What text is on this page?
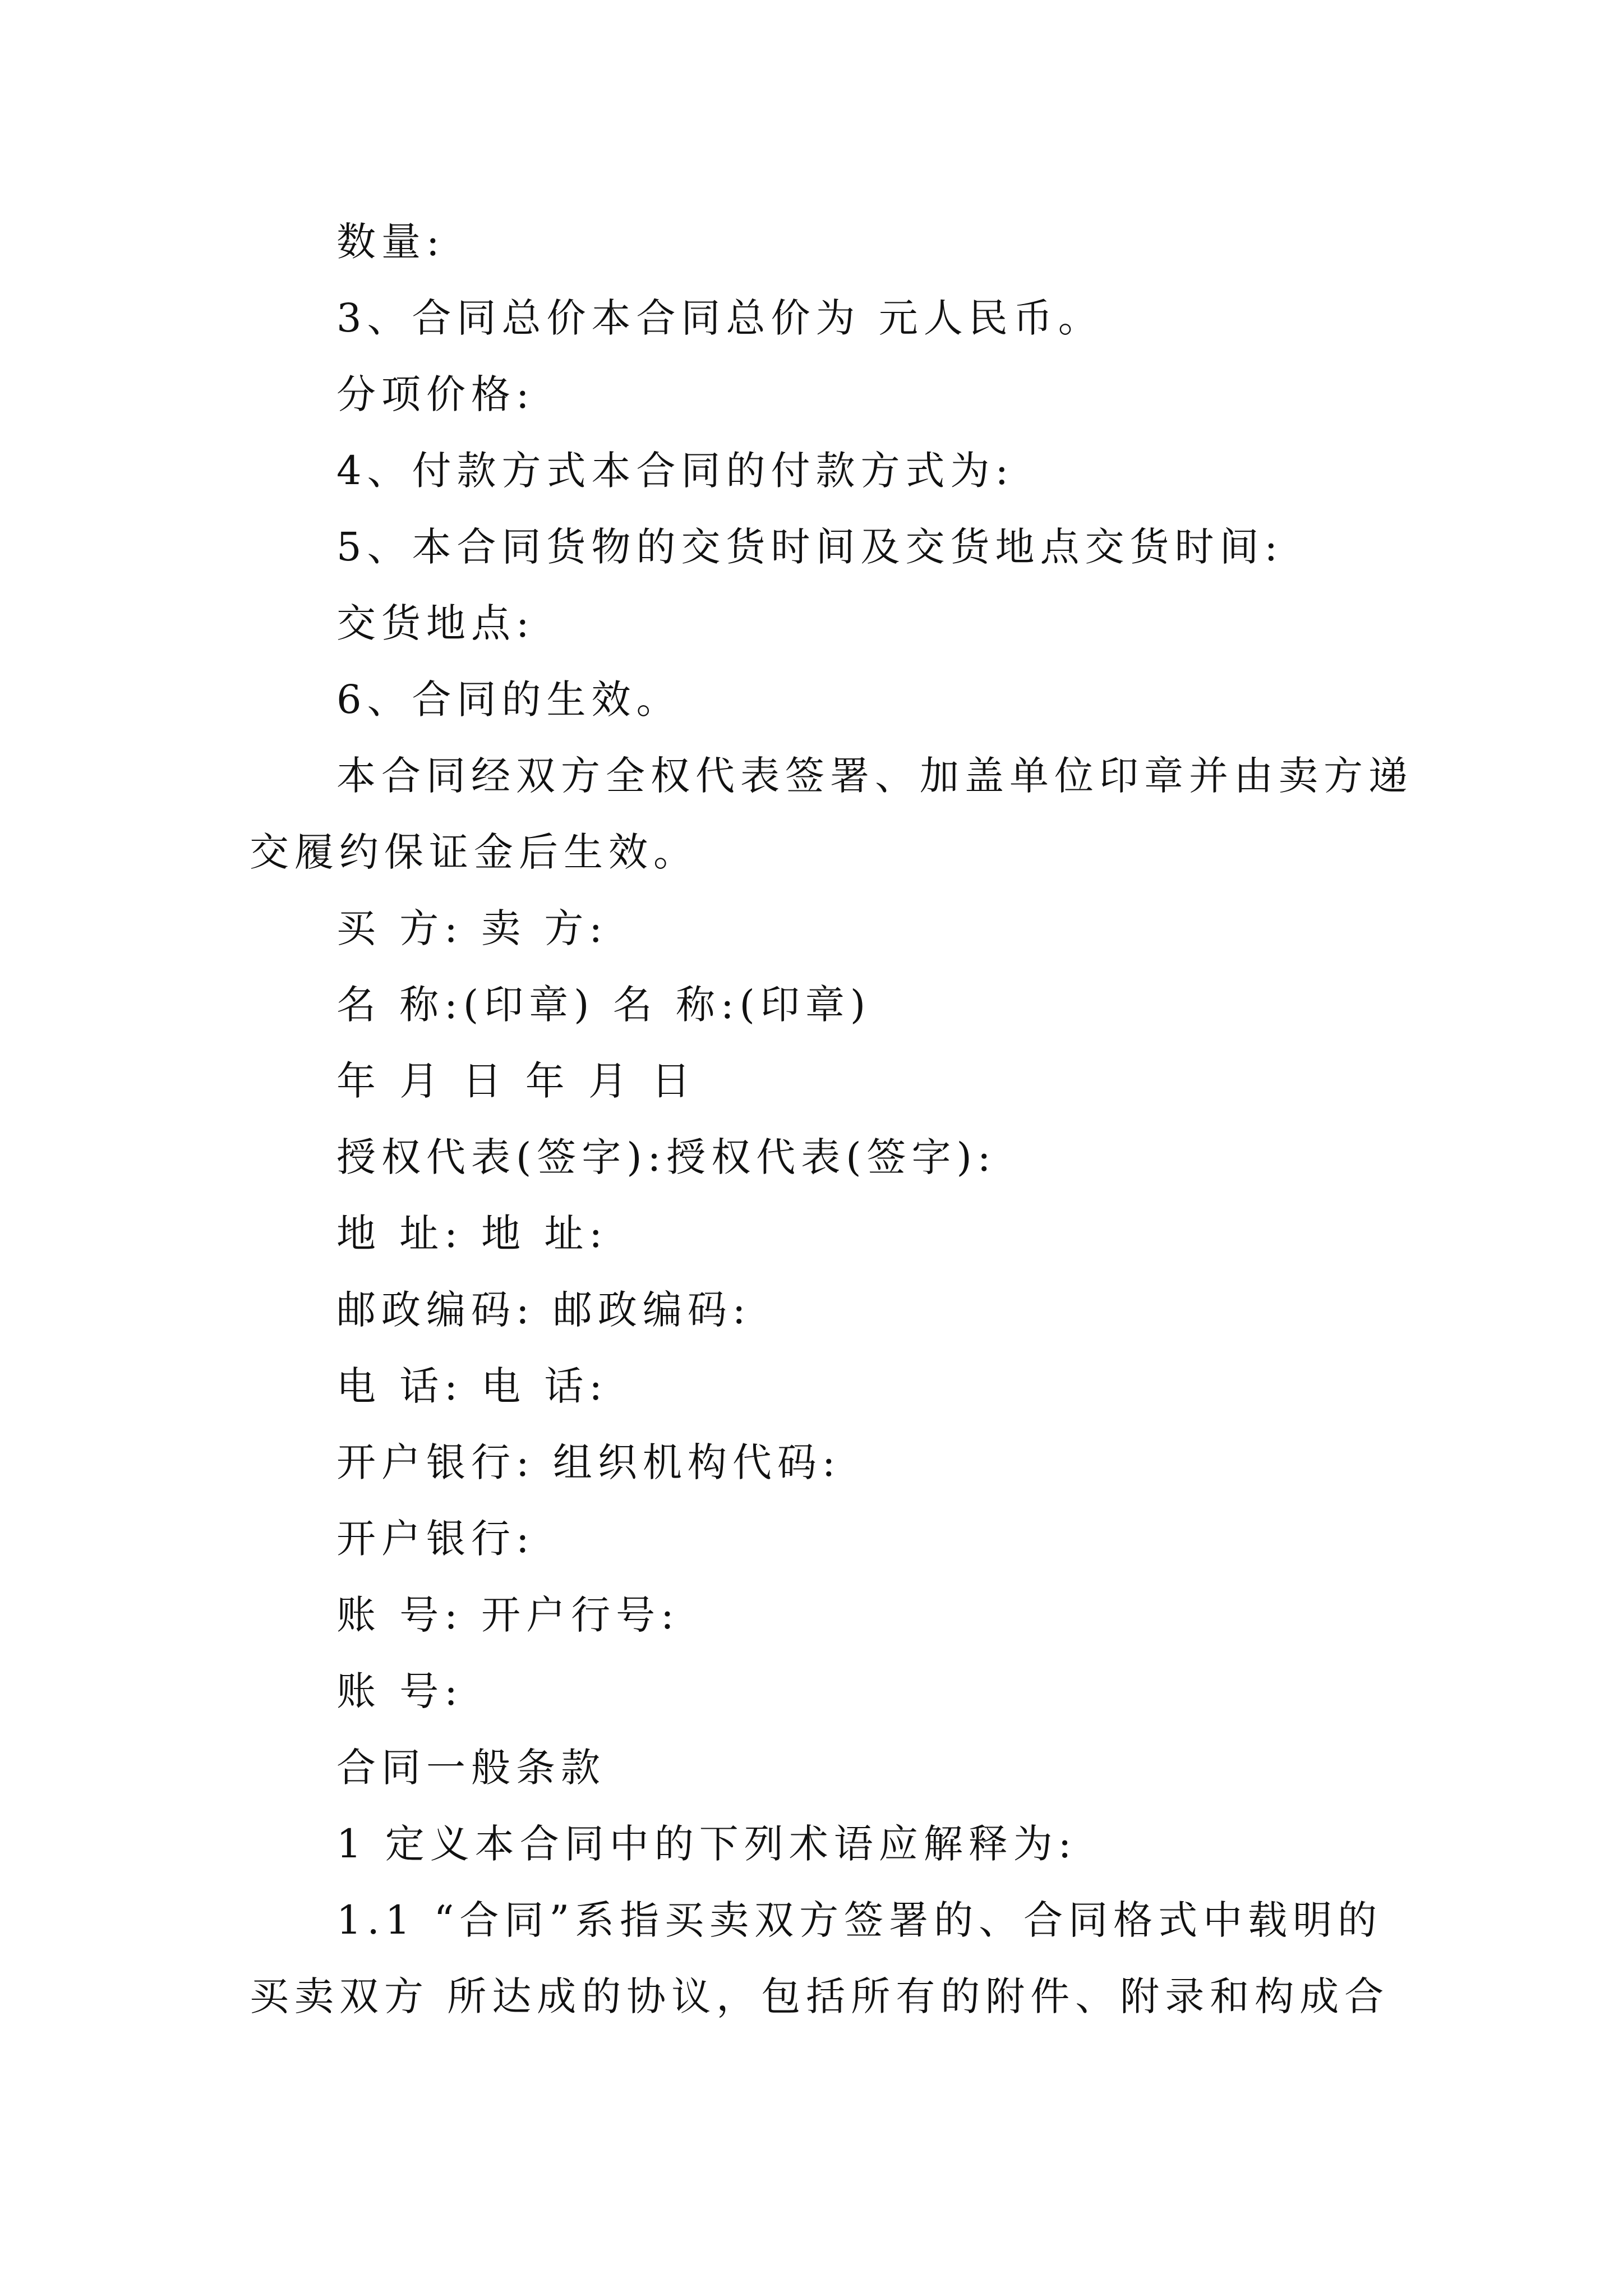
数量:

3、合同总价本合同总价为 元人民币。

分项价格:

4、付款方式本合同的付款方式为:

5、本合同货物的交货时间及交货地点交货时间:

交货地点:

6、合同的生效。

本合同经双方全权代表签署、加盖单位印章并由卖方递

交履约保证金后生效。

买 方: 卖 方:

名 称:(印章) 名 称:(印章)

年 月 日 年 月 日

授权代表(签字):授权代表(签字):

地 址: 地 址:

邮政编码: 邮政编码:

电 话: 电 话:

开户银行: 组织机构代码:

开户银行:

账 号: 开户行号:

账 号:

合同一般条款

1 定义本合同中的下列术语应解释为:

1.1 “合同”系指买卖双方签署的、合同格式中载明的

买卖双方 所达成的协议，包括所有的附件、附录和构成合
